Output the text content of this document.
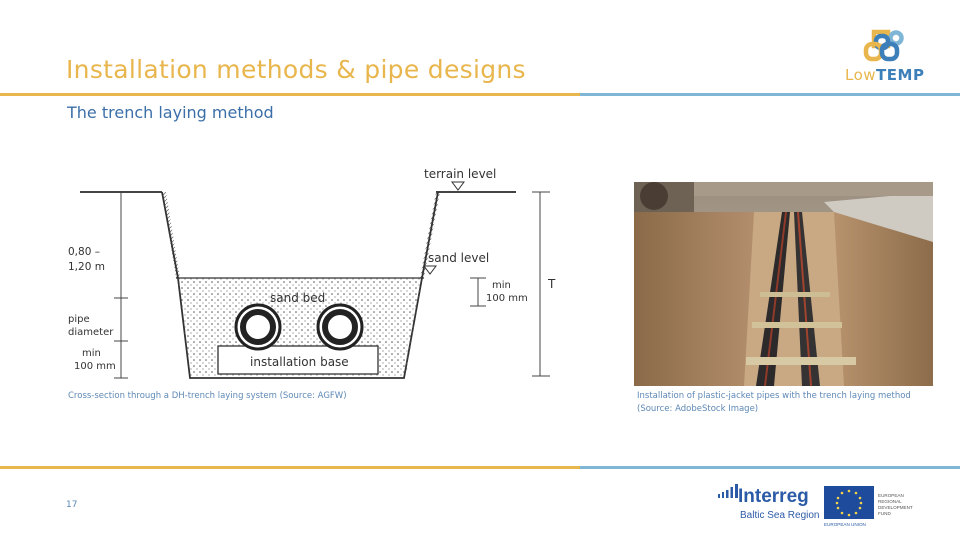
Installation methods & pipe designs	LowTEMP
The trench laying method
terrain level
sand level
sand bed
installation base
0,80 –
1,20 m
pipe
diameter
min
100 mm
min
100 mm
T
Cross-section through a DH-trench laying system (Source: AGFW)	Installation of plastic-jacket pipes with the trench laying method (Source: AdobeStock Image)
17	Interreg
Baltic Sea Region
EUROPEAN UNION
EUROPEAN
REGIONAL
DEVELOPMENT
FUND
